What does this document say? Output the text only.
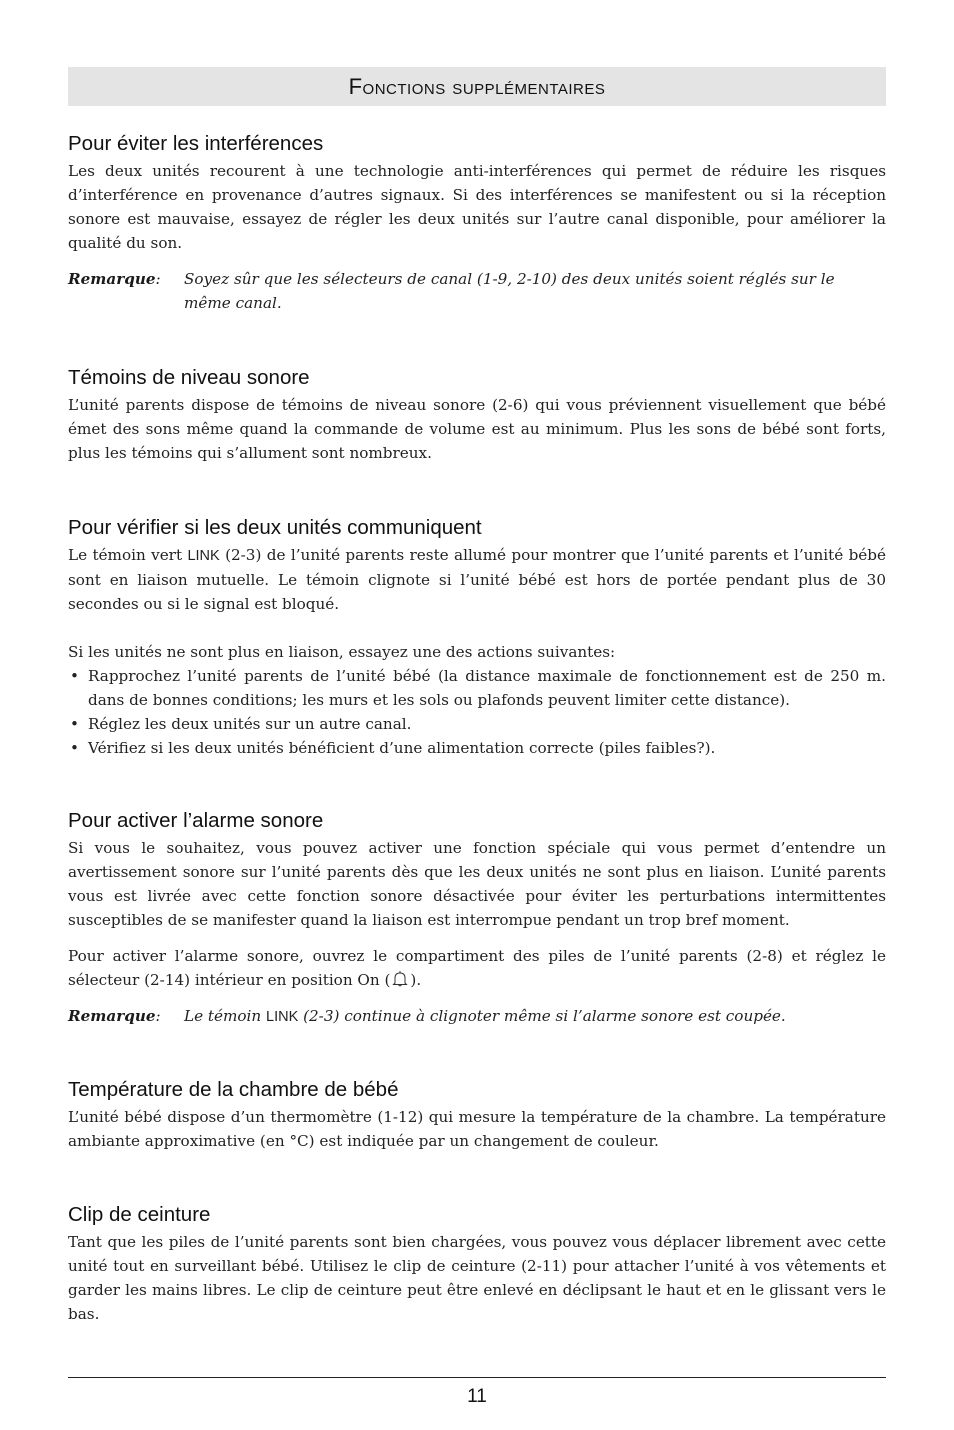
Fonctions supplémentaires
Pour éviter les interférences

Les deux unités recourent à une technologie anti-interférences qui permet de réduire les risques d’interférence en provenance d’autres signaux. Si des interférences se manifestent ou si la réception sonore est mauvaise, essayez de régler les deux unités sur l’autre canal disponible, pour améliorer la qualité du son.

Remarque:	Soyez sûr que les sélecteurs de canal (1-9, 2-10) des deux unités soient réglés sur le même canal.
Témoins de niveau sonore

L’unité parents dispose de témoins de niveau sonore (2-6) qui vous préviennent visuellement que bébé émet des sons même quand la commande de volume est au minimum. Plus les sons de bébé sont forts, plus les témoins qui s’allument sont nombreux.

Pour vérifier si les deux unités communiquent

Le témoin vert LINK (2-3) de l’unité parents reste allumé pour montrer que l’unité parents et l’unité bébé sont en liaison mutuelle. Le témoin clignote si l’unité bébé est hors de portée pendant plus de 30 secondes ou si le signal est bloqué.

Si les unités ne sont plus en liaison, essayez une des actions suivantes:

• Rapprochez l’unité parents de l’unité bébé (la distance maximale de fonctionnement est de 250 m. dans de bonnes conditions; les murs et les sols ou plafonds peuvent limiter cette distance).
• Réglez les deux unités sur un autre canal.
• Vérifiez si les deux unités bénéficient d’une alimentation correcte (piles faibles?).
Pour activer l’alarme sonore

Si vous le souhaitez, vous pouvez activer une fonction spéciale qui vous permet d’entendre un avertissement sonore sur l’unité parents dès que les deux unités ne sont plus en liaison. L’unité parents vous est livrée avec cette fonction sonore désactivée pour éviter les perturbations intermittentes susceptibles de se manifester quand la liaison est interrompue pendant un trop bref moment.

Pour activer l’alarme sonore, ouvrez le compartiment des piles de l’unité parents (2-8) et réglez le sélecteur (2-14) intérieur en position On ( ).

Remarque:	Le témoin LINK (2-3) continue à clignoter même si l’alarme sonore est coupée.
Température de la chambre de bébé

L’unité bébé dispose d’un thermomètre (1-12) qui mesure la température de la chambre. La température ambiante approximative (en °C) est indiquée par un changement de couleur.

Clip de ceinture

Tant que les piles de l’unité parents sont bien chargées, vous pouvez vous déplacer librement avec cette unité tout en surveillant bébé. Utilisez le clip de ceinture (2-11) pour attacher l’unité à vos vêtements et garder les mains libres. Le clip de ceinture peut être enlevé en déclipsant le haut et en le glissant vers le bas.

11
